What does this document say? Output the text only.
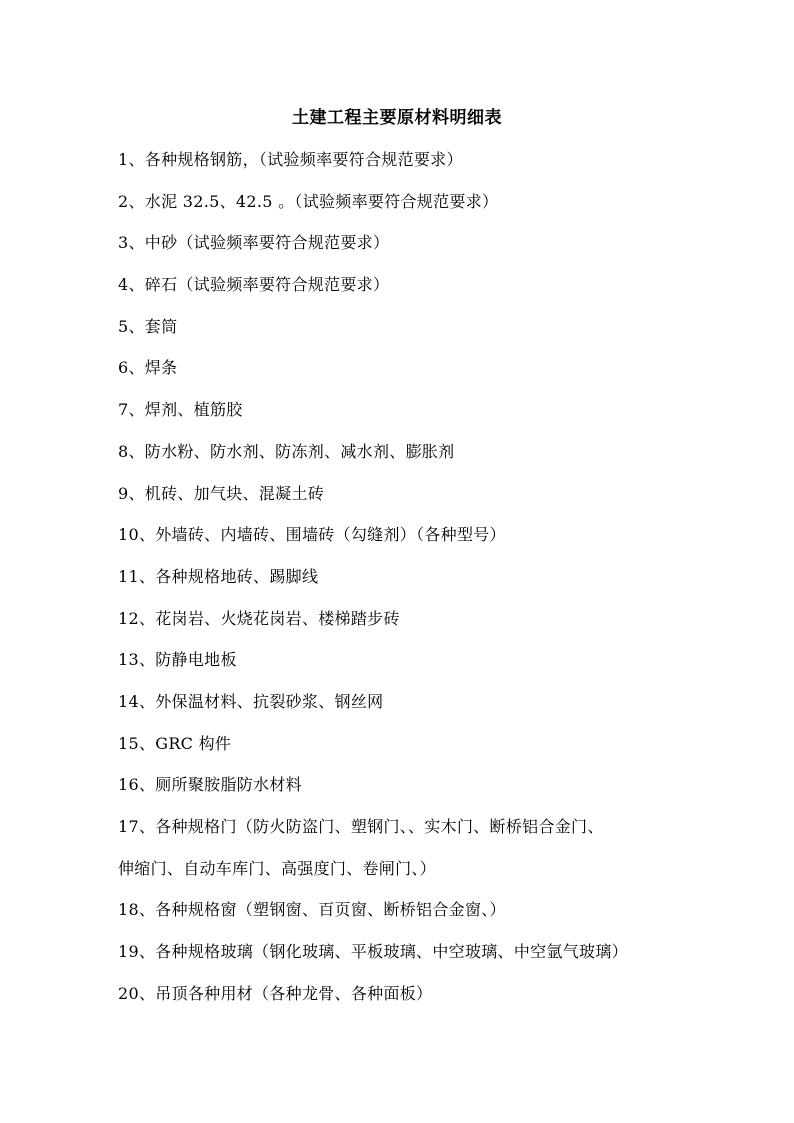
土建工程主要原材料明细表
1、各种规格钢筋，（试验频率要符合规范要求）
2、水泥 32.5、42.5 。（试验频率要符合规范要求）
3、中砂（试验频率要符合规范要求）
4、碎石（试验频率要符合规范要求）
5、套筒
6、焊条
7、焊剂、植筋胶
8、防水粉、防水剂、防冻剂、减水剂、膨胀剂
9、机砖、加气块、混凝土砖
10、外墙砖、内墙砖、围墙砖（勾缝剂）（各种型号）
11、各种规格地砖、踢脚线
12、花岗岩、火烧花岗岩、楼梯踏步砖
13、防静电地板
14、外保温材料、抗裂砂浆、钢丝网
15、GRC 构件
16、厕所聚胺脂防水材料
17、各种规格门（防火防盗门、塑钢门、、实木门、断桥铝合金门、
伸缩门、自动车库门、高强度门、卷闸门、）
18、各种规格窗（塑钢窗、百页窗、断桥铝合金窗、）
19、各种规格玻璃（钢化玻璃、平板玻璃、中空玻璃、中空氩气玻璃）
20、吊顶各种用材（各种龙骨、各种面板）
